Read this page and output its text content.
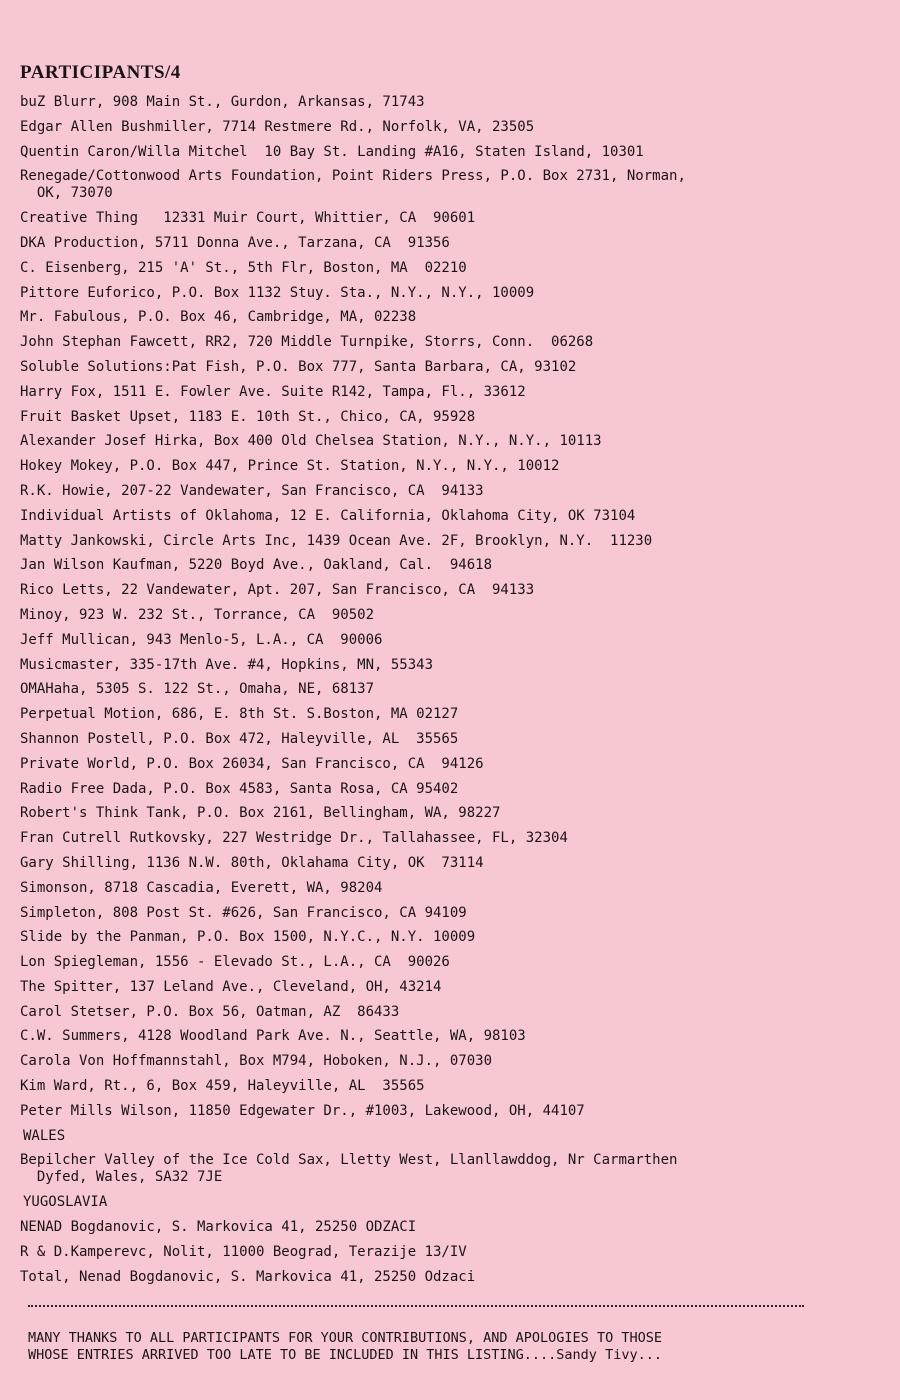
PARTICIPANTS/4
buZ Blurr, 908 Main St., Gurdon, Arkansas, 71743
Edgar Allen Bushmiller, 7714 Restmere Rd., Norfolk, VA, 23505
Quentin Caron/Willa Mitchel  10 Bay St. Landing #A16, Staten Island, 10301
Renegade/Cottonwood Arts Foundation, Point Riders Press, P.O. Box 2731, Norman,
OK, 73070
Creative Thing   12331 Muir Court, Whittier, CA  90601
DKA Production, 5711 Donna Ave., Tarzana, CA  91356
C. Eisenberg, 215 'A' St., 5th Flr, Boston, MA  02210
Pittore Euforico, P.O. Box 1132 Stuy. Sta., N.Y., N.Y., 10009
Mr. Fabulous, P.O. Box 46, Cambridge, MA, 02238
John Stephan Fawcett, RR2, 720 Middle Turnpike, Storrs, Conn.  06268
Soluble Solutions:Pat Fish, P.O. Box 777, Santa Barbara, CA, 93102
Harry Fox, 1511 E. Fowler Ave. Suite R142, Tampa, Fl., 33612
Fruit Basket Upset, 1183 E. 10th St., Chico, CA, 95928
Alexander Josef Hirka, Box 400 Old Chelsea Station, N.Y., N.Y., 10113
Hokey Mokey, P.O. Box 447, Prince St. Station, N.Y., N.Y., 10012
R.K. Howie, 207-22 Vandewater, San Francisco, CA  94133
Individual Artists of Oklahoma, 12 E. California, Oklahoma City, OK 73104
Matty Jankowski, Circle Arts Inc, 1439 Ocean Ave. 2F, Brooklyn, N.Y.  11230
Jan Wilson Kaufman, 5220 Boyd Ave., Oakland, Cal.  94618
Rico Letts, 22 Vandewater, Apt. 207, San Francisco, CA  94133
Minoy, 923 W. 232 St., Torrance, CA  90502
Jeff Mullican, 943 Menlo-5, L.A., CA  90006
Musicmaster, 335-17th Ave. #4, Hopkins, MN, 55343
OMAHaha, 5305 S. 122 St., Omaha, NE, 68137
Perpetual Motion, 686, E. 8th St. S.Boston, MA 02127
Shannon Postell, P.O. Box 472, Haleyville, AL  35565
Private World, P.O. Box 26034, San Francisco, CA  94126
Radio Free Dada, P.O. Box 4583, Santa Rosa, CA 95402
Robert's Think Tank, P.O. Box 2161, Bellingham, WA, 98227
Fran Cutrell Rutkovsky, 227 Westridge Dr., Tallahassee, FL, 32304
Gary Shilling, 1136 N.W. 80th, Oklahama City, OK  73114
Simonson, 8718 Cascadia, Everett, WA, 98204
Simpleton, 808 Post St. #626, San Francisco, CA 94109
Slide by the Panman, P.O. Box 1500, N.Y.C., N.Y. 10009
Lon Spiegleman, 1556 - Elevado St., L.A., CA  90026
The Spitter, 137 Leland Ave., Cleveland, OH, 43214
Carol Stetser, P.O. Box 56, Oatman, AZ  86433
C.W. Summers, 4128 Woodland Park Ave. N., Seattle, WA, 98103
Carola Von Hoffmannstahl, Box M794, Hoboken, N.J., 07030
Kim Ward, Rt., 6, Box 459, Haleyville, AL  35565
Peter Mills Wilson, 11850 Edgewater Dr., #1003, Lakewood, OH, 44107
WALES
Bepilcher Valley of the Ice Cold Sax, Lletty West, Llanllawddog, Nr Carmarthen
Dyfed, Wales, SA32 7JE
YUGOSLAVIA
NENAD Bogdanovic, S. Markovica 41, 25250 ODZACI
R & D.Kamperevc, Nolit, 11000 Beograd, Terazije 13/IV
Total, Nenad Bogdanovic, S. Markovica 41, 25250 Odzaci
MANY THANKS TO ALL PARTICIPANTS FOR YOUR CONTRIBUTIONS, AND APOLOGIES TO THOSE
WHOSE ENTRIES ARRIVED TOO LATE TO BE INCLUDED IN THIS LISTING....Sandy Tivy...
